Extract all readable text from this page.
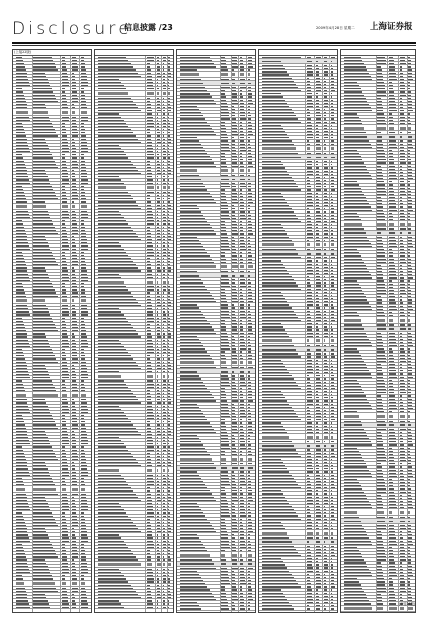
Disclosure
信息披露 /23	2009年4月28日 星期二 上海证券报
(上接22版)
(下转24版)
